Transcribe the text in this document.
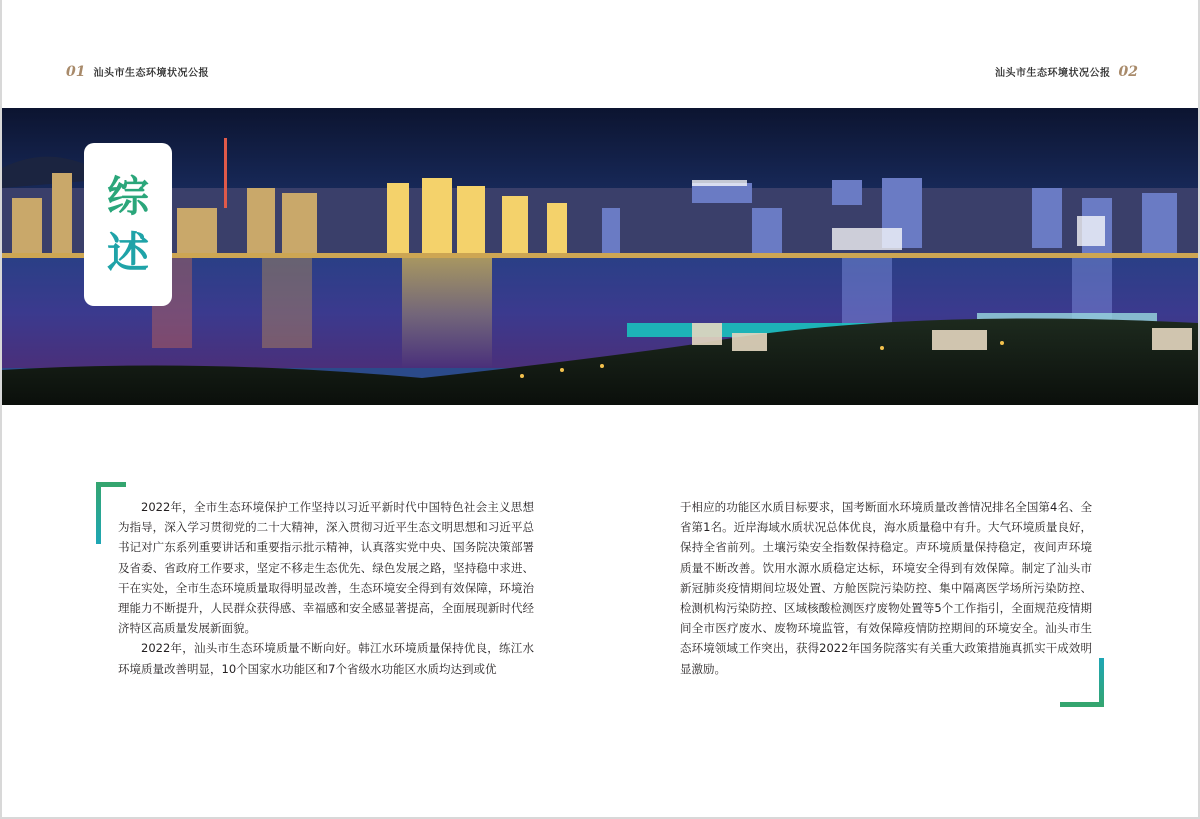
01 汕头市生态环境状况公报	汕头市生态环境状况公报 02
综
述

2022年，全市生态环境保护工作坚持以习近平新时代中国特色社会主义思想为指导，深入学习贯彻党的二十大精神，深入贯彻习近平生态文明思想和习近平总书记对广东系列重要讲话和重要指示批示精神，认真落实党中央、国务院决策部署及省委、省政府工作要求，坚定不移走生态优先、绿色发展之路，坚持稳中求进、干在实处，全市生态环境质量取得明显改善，生态环境安全得到有效保障，环境治理能力不断提升，人民群众获得感、幸福感和安全感显著提高，全面展现新时代经济特区高质量发展新面貌。

2022年，汕头市生态环境质量不断向好。韩江水环境质量保持优良，练江水环境质量改善明显，10个国家水功能区和7个省级水功能区水质均达到或优

于相应的功能区水质目标要求，国考断面水环境质量改善情况排名全国第4名、全省第1名。近岸海域水质状况总体优良，海水质量稳中有升。大气环境质量良好，保持全省前列。土壤污染安全指数保持稳定。声环境质量保持稳定，夜间声环境质量不断改善。饮用水源水质稳定达标，环境安全得到有效保障。制定了汕头市新冠肺炎疫情期间垃圾处置、方舱医院污染防控、集中隔离医学场所污染防控、检测机构污染防控、区域核酸检测医疗废物处置等5个工作指引，全面规范疫情期间全市医疗废水、废物环境监管，有效保障疫情防控期间的环境安全。汕头市生态环境领域工作突出，获得2022年国务院落实有关重大政策措施真抓实干成效明显激励。
